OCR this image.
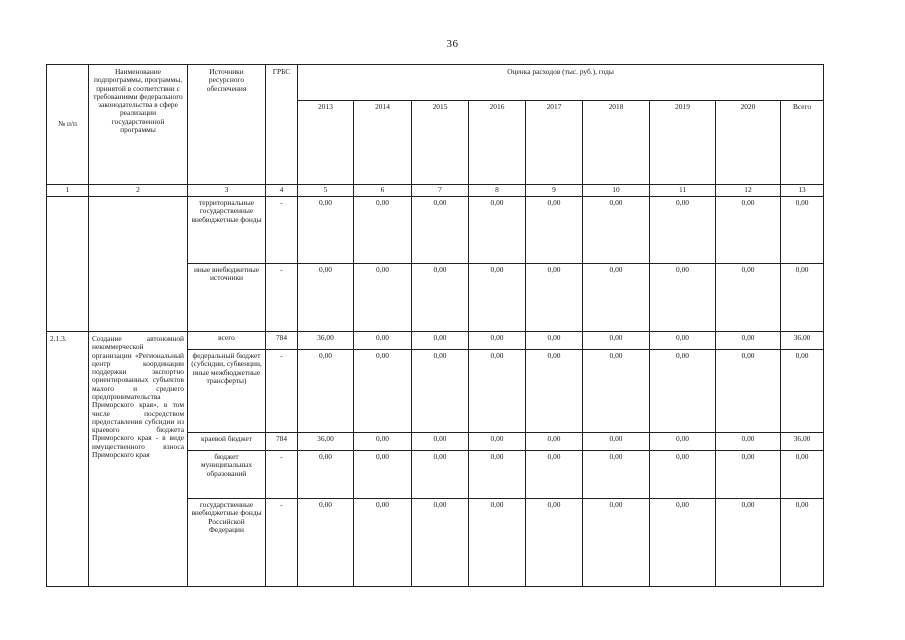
36
№ п/п	Наименование подпрограммы, программы, принятой в соответствии с требованиями федерального законодательства в сфере реализации государственной программы	Источники ресурсного обеспечения	ГРБС	Оценка расходов (тыс. руб.), годы								
				2013	2014	2015	2016	2017	2018	2019	2020	Всего
1	2	3	4	5	6	7	8	9	10	11	12	13
		территориальные государственные внебюджетные фонды	-	0,00	0,00	0,00	0,00	0,00	0,00	0,00	0,00	0,00
		иные внебюджетные источники	-	0,00	0,00	0,00	0,00	0,00	0,00	0,00	0,00	0,00
2.1.3.	Создание автономной некоммерческой организации «Региональный центр координации поддержки экспортно ориентированных субъектов малого и среднего предпринимательства Приморского края», в том числе посредством предоставления субсидии из краевого бюджета Приморского края - в виде имущественного взноса Приморского края	всего	784	36,00	0,00	0,00	0,00	0,00	0,00	0,00	0,00	36,00
		федеральный бюджет (субсидии, субвенции, иные межбюджетные трансферты)	-	0,00	0,00	0,00	0,00	0,00	0,00	0,00	0,00	0,00
		краевой бюджет	784	36,00	0,00	0,00	0,00	0,00	0,00	0,00	0,00	36,00
		бюджет муниципальных образований	-	0,00	0,00	0,00	0,00	0,00	0,00	0,00	0,00	0,00
		государственные внебюджетные фонды Российской Федерации	-	0,00	0,00	0,00	0,00	0,00	0,00	0,00	0,00	0,00
